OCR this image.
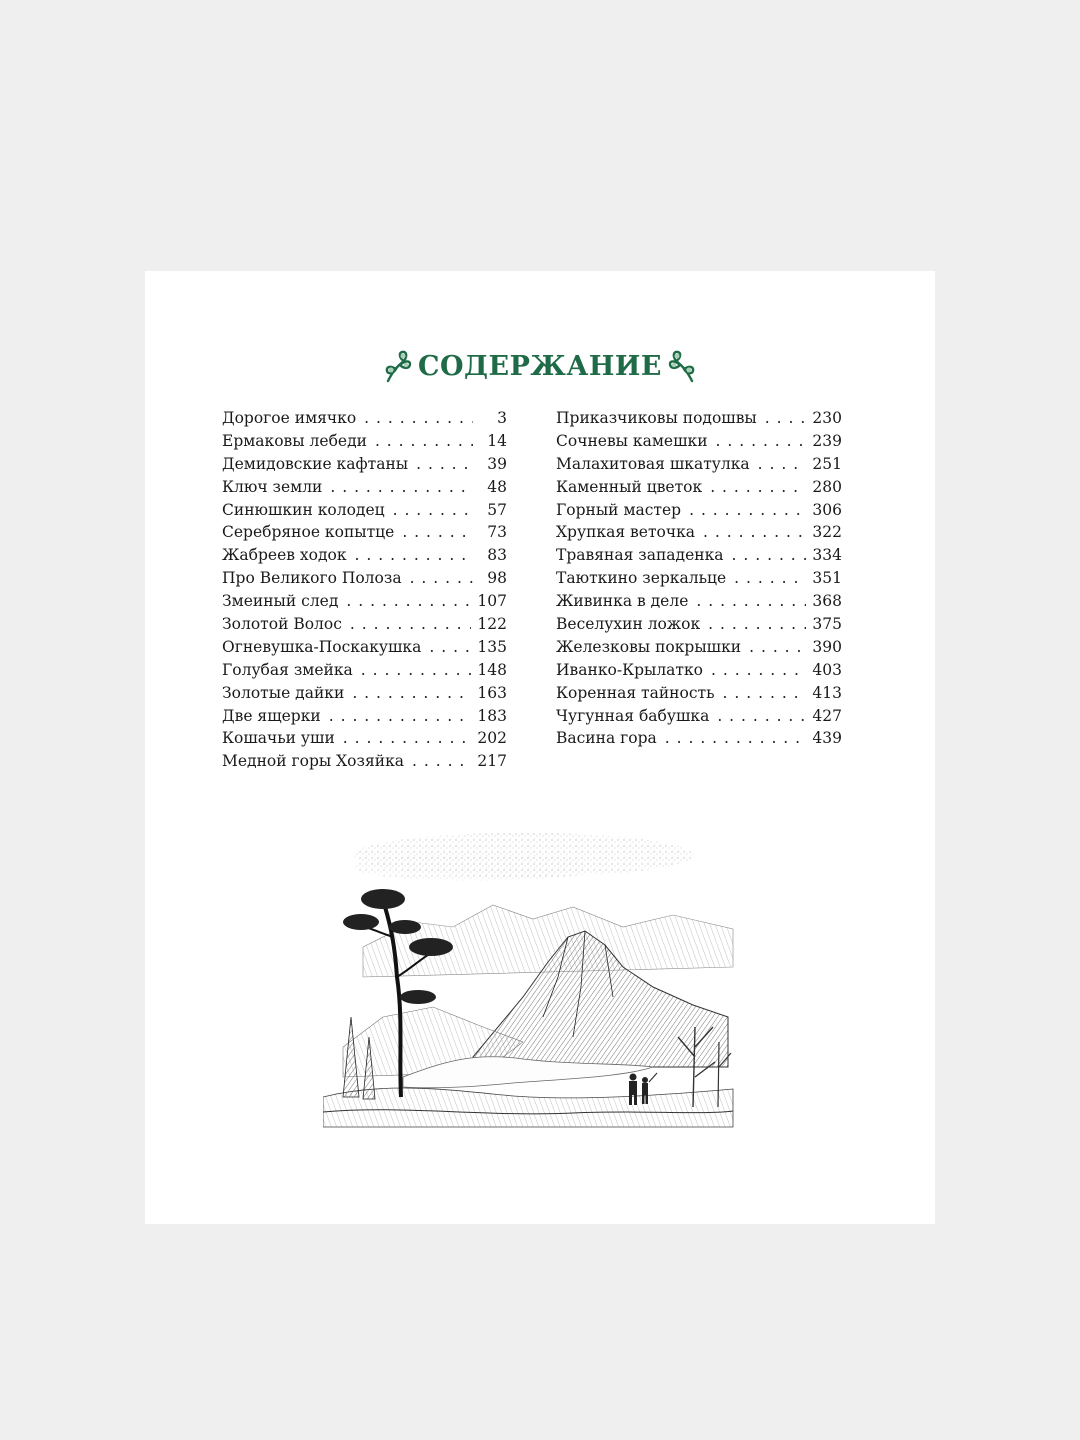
СОДЕРЖАНИЕ
Дорогое имячко . . .	3
Ермаковы лебеди . . .	14
Демидовские кафтаны . . .	39
Ключ земли . . .	48
Синюшкин колодец . . .	57
Серебряное копытце . . .	73
Жабреев ходок . . .	83
Про Великого Полоза . . .	98
Змеиный след . . .	107
Золотой Волос . . .	122
Огневушка-Поскакушка . . .	135
Голубая змейка . . .	148
Золотые дайки . . .	163
Две ящерки . . .	183
Кошачьи уши . . .	202
Медной горы Хозяйка . . .	217
Приказчиковы подошвы . . .	230
Сочневы камешки . . .	239
Малахитовая шкатулка . . .	251
Каменный цветок . . .	280
Горный мастер . . .	306
Хрупкая веточка . . .	322
Травяная западенка . . .	334
Таюткино зеркальце . . .	351
Живинка в деле . . .	368
Веселухин ложок . . .	375
Железковы покрышки . . .	390
Иванко-Крылатко . . .	403
Коренная тайность . . .	413
Чугунная бабушка . . .	427
Васина гора . . .	439
